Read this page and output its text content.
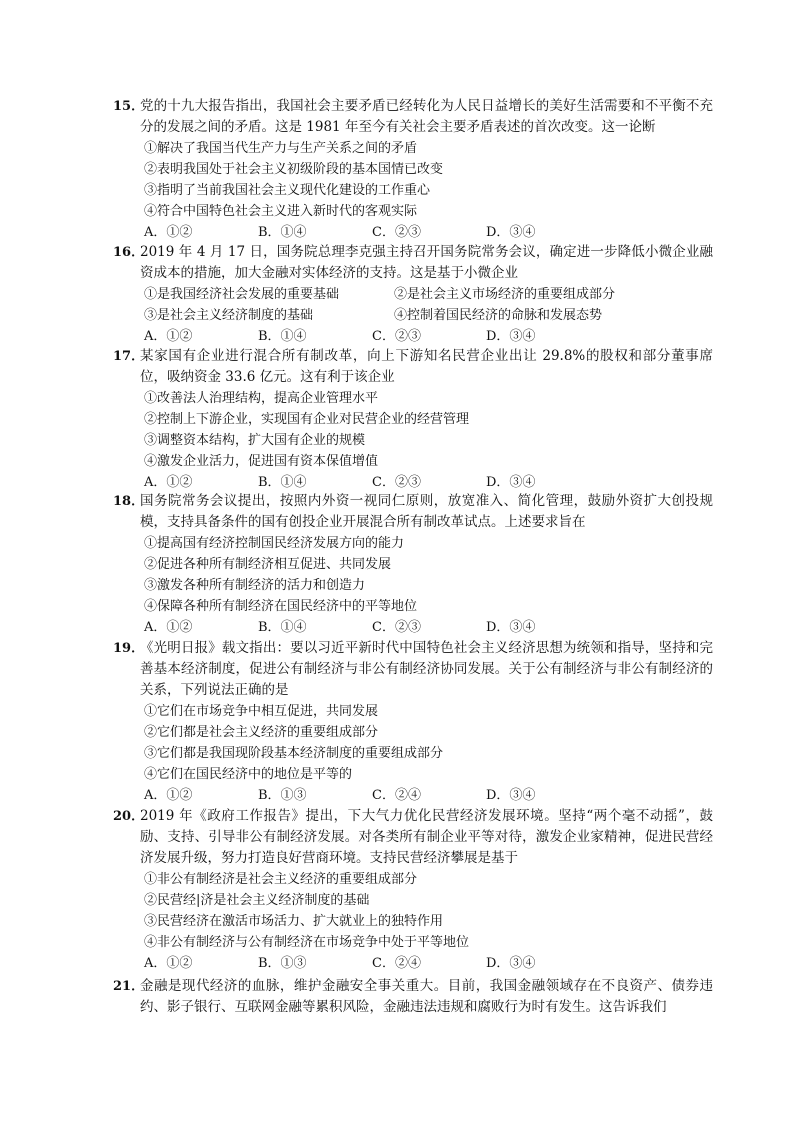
15．
党的十九大报告指出，我国社会主要矛盾已经转化为人民日益增长的美好生活需要和不平衡不充分的发展之间的矛盾。这是 1981 年至今有关社会主要矛盾表述的首次改变。这一论断
①解决了我国当代生产力与生产关系之间的矛盾
②表明我国处于社会主义初级阶段的基本国情已改变
③指明了当前我国社会主义现代化建设的工作重心
④符合中国特色社会主义进入新时代的客观实际
A．①②	B．①④	C．②③	D．③④
16．
2019 年 4 月 17 日，国务院总理李克强主持召开国务院常务会议，确定进一步降低小微企业融资成本的措施，加大金融对实体经济的支持。这是基于小微企业
①是我国经济社会发展的重要基础	②是社会主义市场经济的重要组成部分
③是社会主义经济制度的基础	④控制着国民经济的命脉和发展态势
A．①②	B．①④	C．②③	D．③④
17．
某家国有企业进行混合所有制改革，向上下游知名民营企业出让 29.8%的股权和部分董事席位，吸纳资金 33.6 亿元。这有利于该企业
①改善法人治理结构，提高企业管理水平
②控制上下游企业，实现国有企业对民营企业的经营管理
③调整资本结构，扩大国有企业的规模
④激发企业活力，促进国有资本保值增值
A．①②	B．①④	C．②③	D．③④
18．
国务院常务会议提出，按照内外资一视同仁原则，放宽准入、简化管理，鼓励外资扩大创投规模，支持具备条件的国有创投企业开展混合所有制改革试点。上述要求旨在
①提高国有经济控制国民经济发展方向的能力
②促进各种所有制经济相互促进、共同发展
③激发各种所有制经济的活力和创造力
④保障各种所有制经济在国民经济中的平等地位
A．①②	B．①④	C．②③	D．③④
19．
《光明日报》载文指出：要以习近平新时代中国特色社会主义经济思想为统领和指导，坚持和完善基本经济制度，促进公有制经济与非公有制经济协同发展。关于公有制经济与非公有制经济的关系，下列说法正确的是
①它们在市场竞争中相互促进，共同发展
②它们都是社会主义经济的重要组成部分
③它们都是我国现阶段基本经济制度的重要组成部分
④它们在国民经济中的地位是平等的
A．①②	B．①③	C．②④	D．③④
20．
2019 年《政府工作报告》提出，下大气力优化民营经济发展环境。坚持“两个毫不动摇”，鼓励、支持、引导非公有制经济发展。对各类所有制企业平等对待，激发企业家精神，促进民营经济发展升级，努力打造良好营商环境。支持民营经济攀展是基于
①非公有制经济是社会主义经济的重要组成部分
②民营经|济是社会主义经济制度的基础
③民营经济在激活市场活力、扩大就业上的独特作用
④非公有制经济与公有制经济在市场竞争中处于平等地位
A．①②	B．①③	C．②④	D．③④
21．
金融是现代经济的血脉，维护金融安全事关重大。目前，我国金融领域存在不良资产、债券违约、影子银行、互联网金融等累积风险，金融违法违规和腐败行为时有发生。这告诉我们
